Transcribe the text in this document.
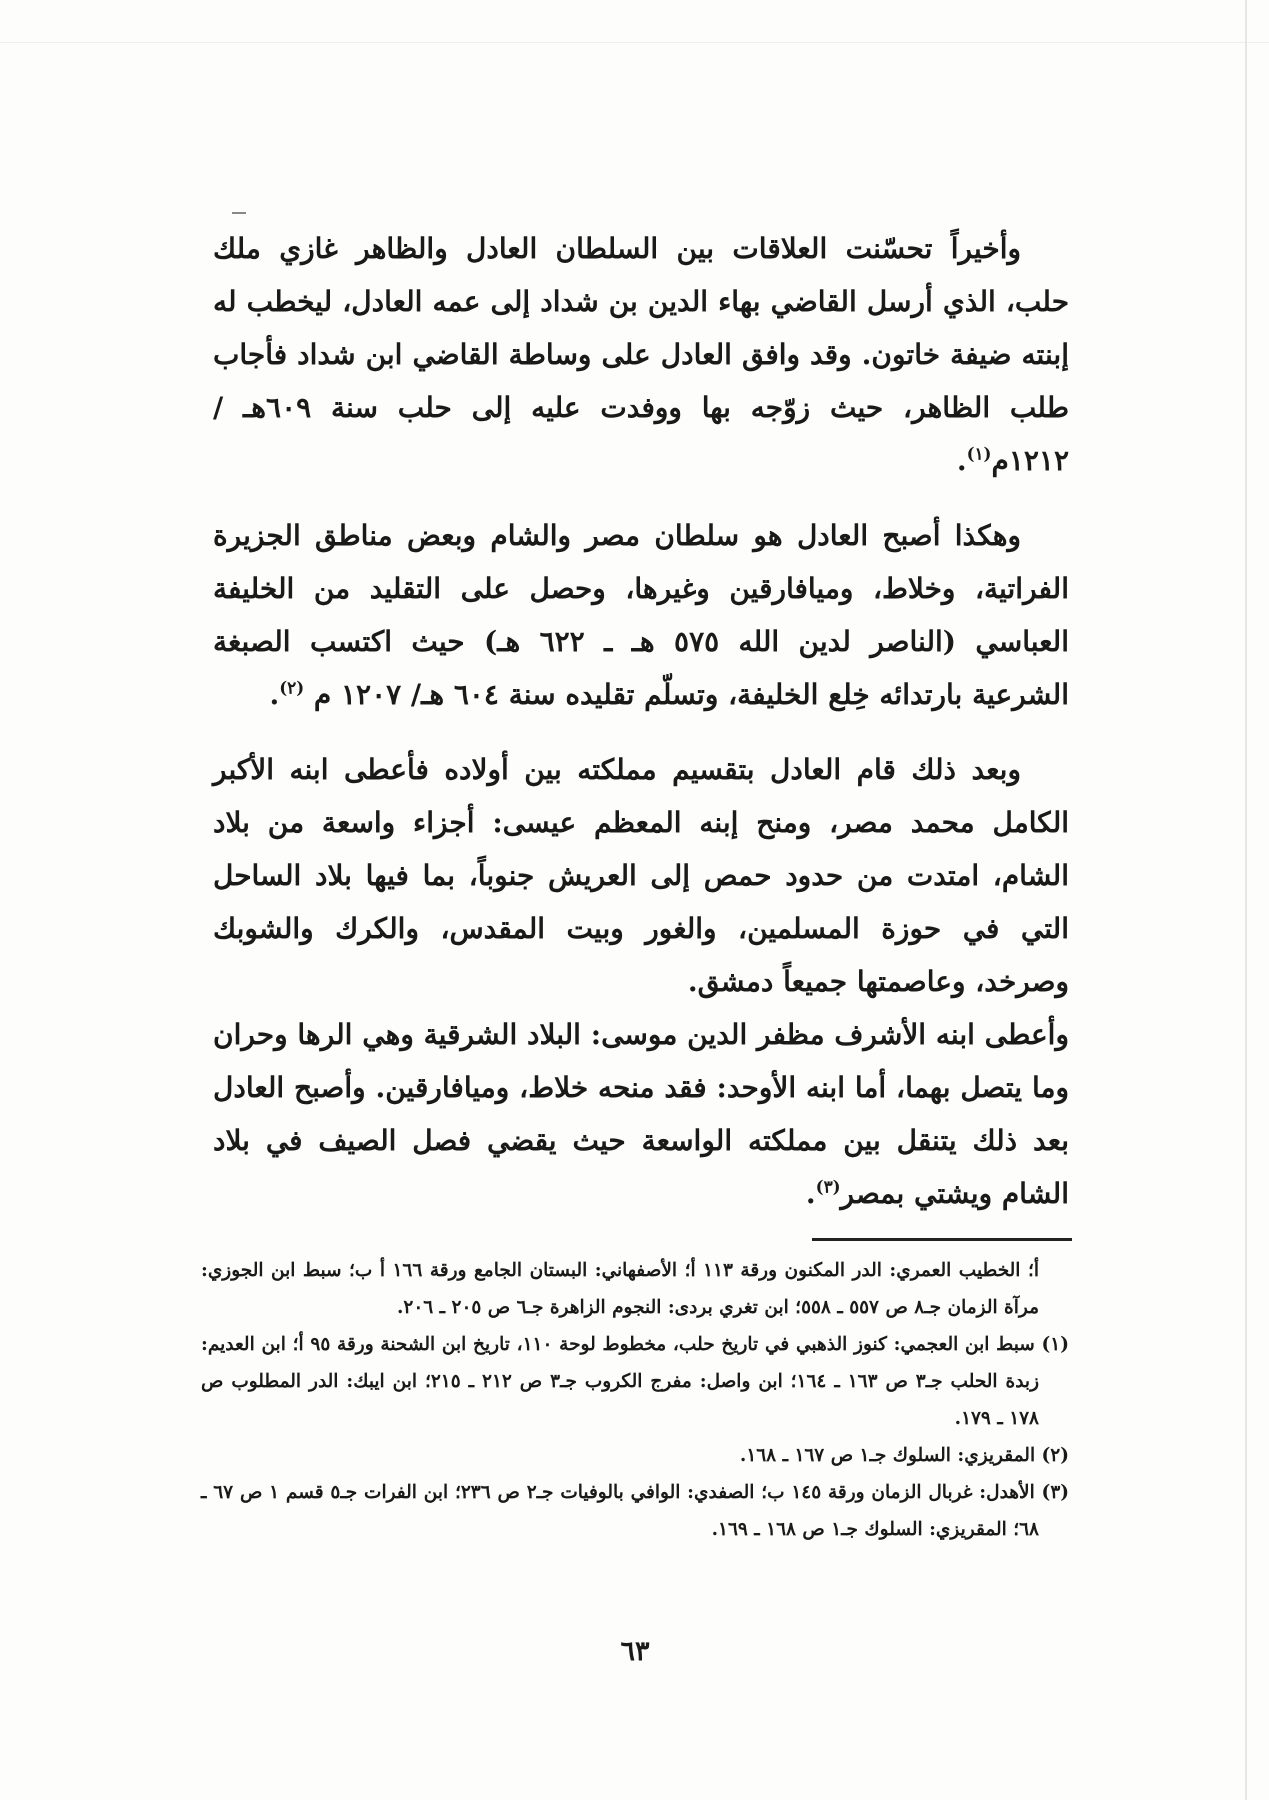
وأخيراً تحسّنت العلاقات بين السلطان العادل والظاهر غازي ملك حلب، الذي أرسل القاضي بهاء الدين بن شداد إلى عمه العادل، ليخطب له إبنته ضيفة خاتون. وقد وافق العادل على وساطة القاضي ابن شداد فأجاب طلب الظاهر، حيث زوّجه بها ووفدت عليه إلى حلب سنة ٦٠٩هـ / ١٢١٢م$^{(١)}$.

وهكذا أصبح العادل هو سلطان مصر والشام وبعض مناطق الجزيرة الفراتية، وخلاط، وميافارقين وغيرها، وحصل على التقليد من الخليفة العباسي (الناصر لدين الله ٥٧٥ هـ ـ ٦٢٢ هـ) حيث اكتسب الصبغة الشرعية بارتدائه خِلع الخليفة، وتسلّم تقليده سنة ٦٠٤ هـ/ ١٢٠٧ م $^{(٢)}$.

وبعد ذلك قام العادل بتقسيم مملكته بين أولاده فأعطى ابنه الأكبر الكامل محمد مصر، ومنح إبنه المعظم عيسى: أجزاء واسعة من بلاد الشام، امتدت من حدود حمص إلى العريش جنوباً، بما فيها بلاد الساحل التي في حوزة المسلمين، والغور وبيت المقدس، والكرك والشوبك وصرخد، وعاصمتها جميعاً دمشق.

وأعطى ابنه الأشرف مظفر الدين موسى: البلاد الشرقية وهي الرها وحران وما يتصل بهما، أما ابنه الأوحد: فقد منحه خلاط، وميافارقين. وأصبح العادل بعد ذلك يتنقل بين مملكته الواسعة حيث يقضي فصل الصيف في بلاد الشام ويشتي بمصر$^{(٣)}$.

أ؛ الخطيب العمري: الدر المكنون ورقة ١١٣ أ؛ الأصفهاني: البستان الجامع ورقة ١٦٦ أ ب؛ سبط ابن الجوزي: مرآة الزمان جـ٨ ص ٥٥٧ ـ ٥٥٨؛ ابن تغري بردى: النجوم الزاهرة جـ٦ ص ٢٠٥ ـ ٢٠٦.

(١) سبط ابن العجمي: كنوز الذهبي في تاريخ حلب، مخطوط لوحة ١١٠، تاريخ ابن الشحنة ورقة ٩٥ أ؛ ابن العديم: زبدة الحلب جـ٣ ص ١٦٣ ـ ١٦٤؛ ابن واصل: مفرج الكروب جـ٣ ص ٢١٢ ـ ٢١٥؛ ابن ايبك: الدر المطلوب ص ١٧٨ ـ ١٧٩.

(٢) المقريزي: السلوك جـ١ ص ١٦٧ ـ ١٦٨.

(٣) الأهدل: غربال الزمان ورقة ١٤٥ ب؛ الصفدي: الوافي بالوفيات جـ٢ ص ٢٣٦؛ ابن الفرات جـ٥ قسم ١ ص ٦٧ ـ ٦٨؛ المقريزي: السلوك جـ١ ص ١٦٨ ـ ١٦٩.

٦٣
